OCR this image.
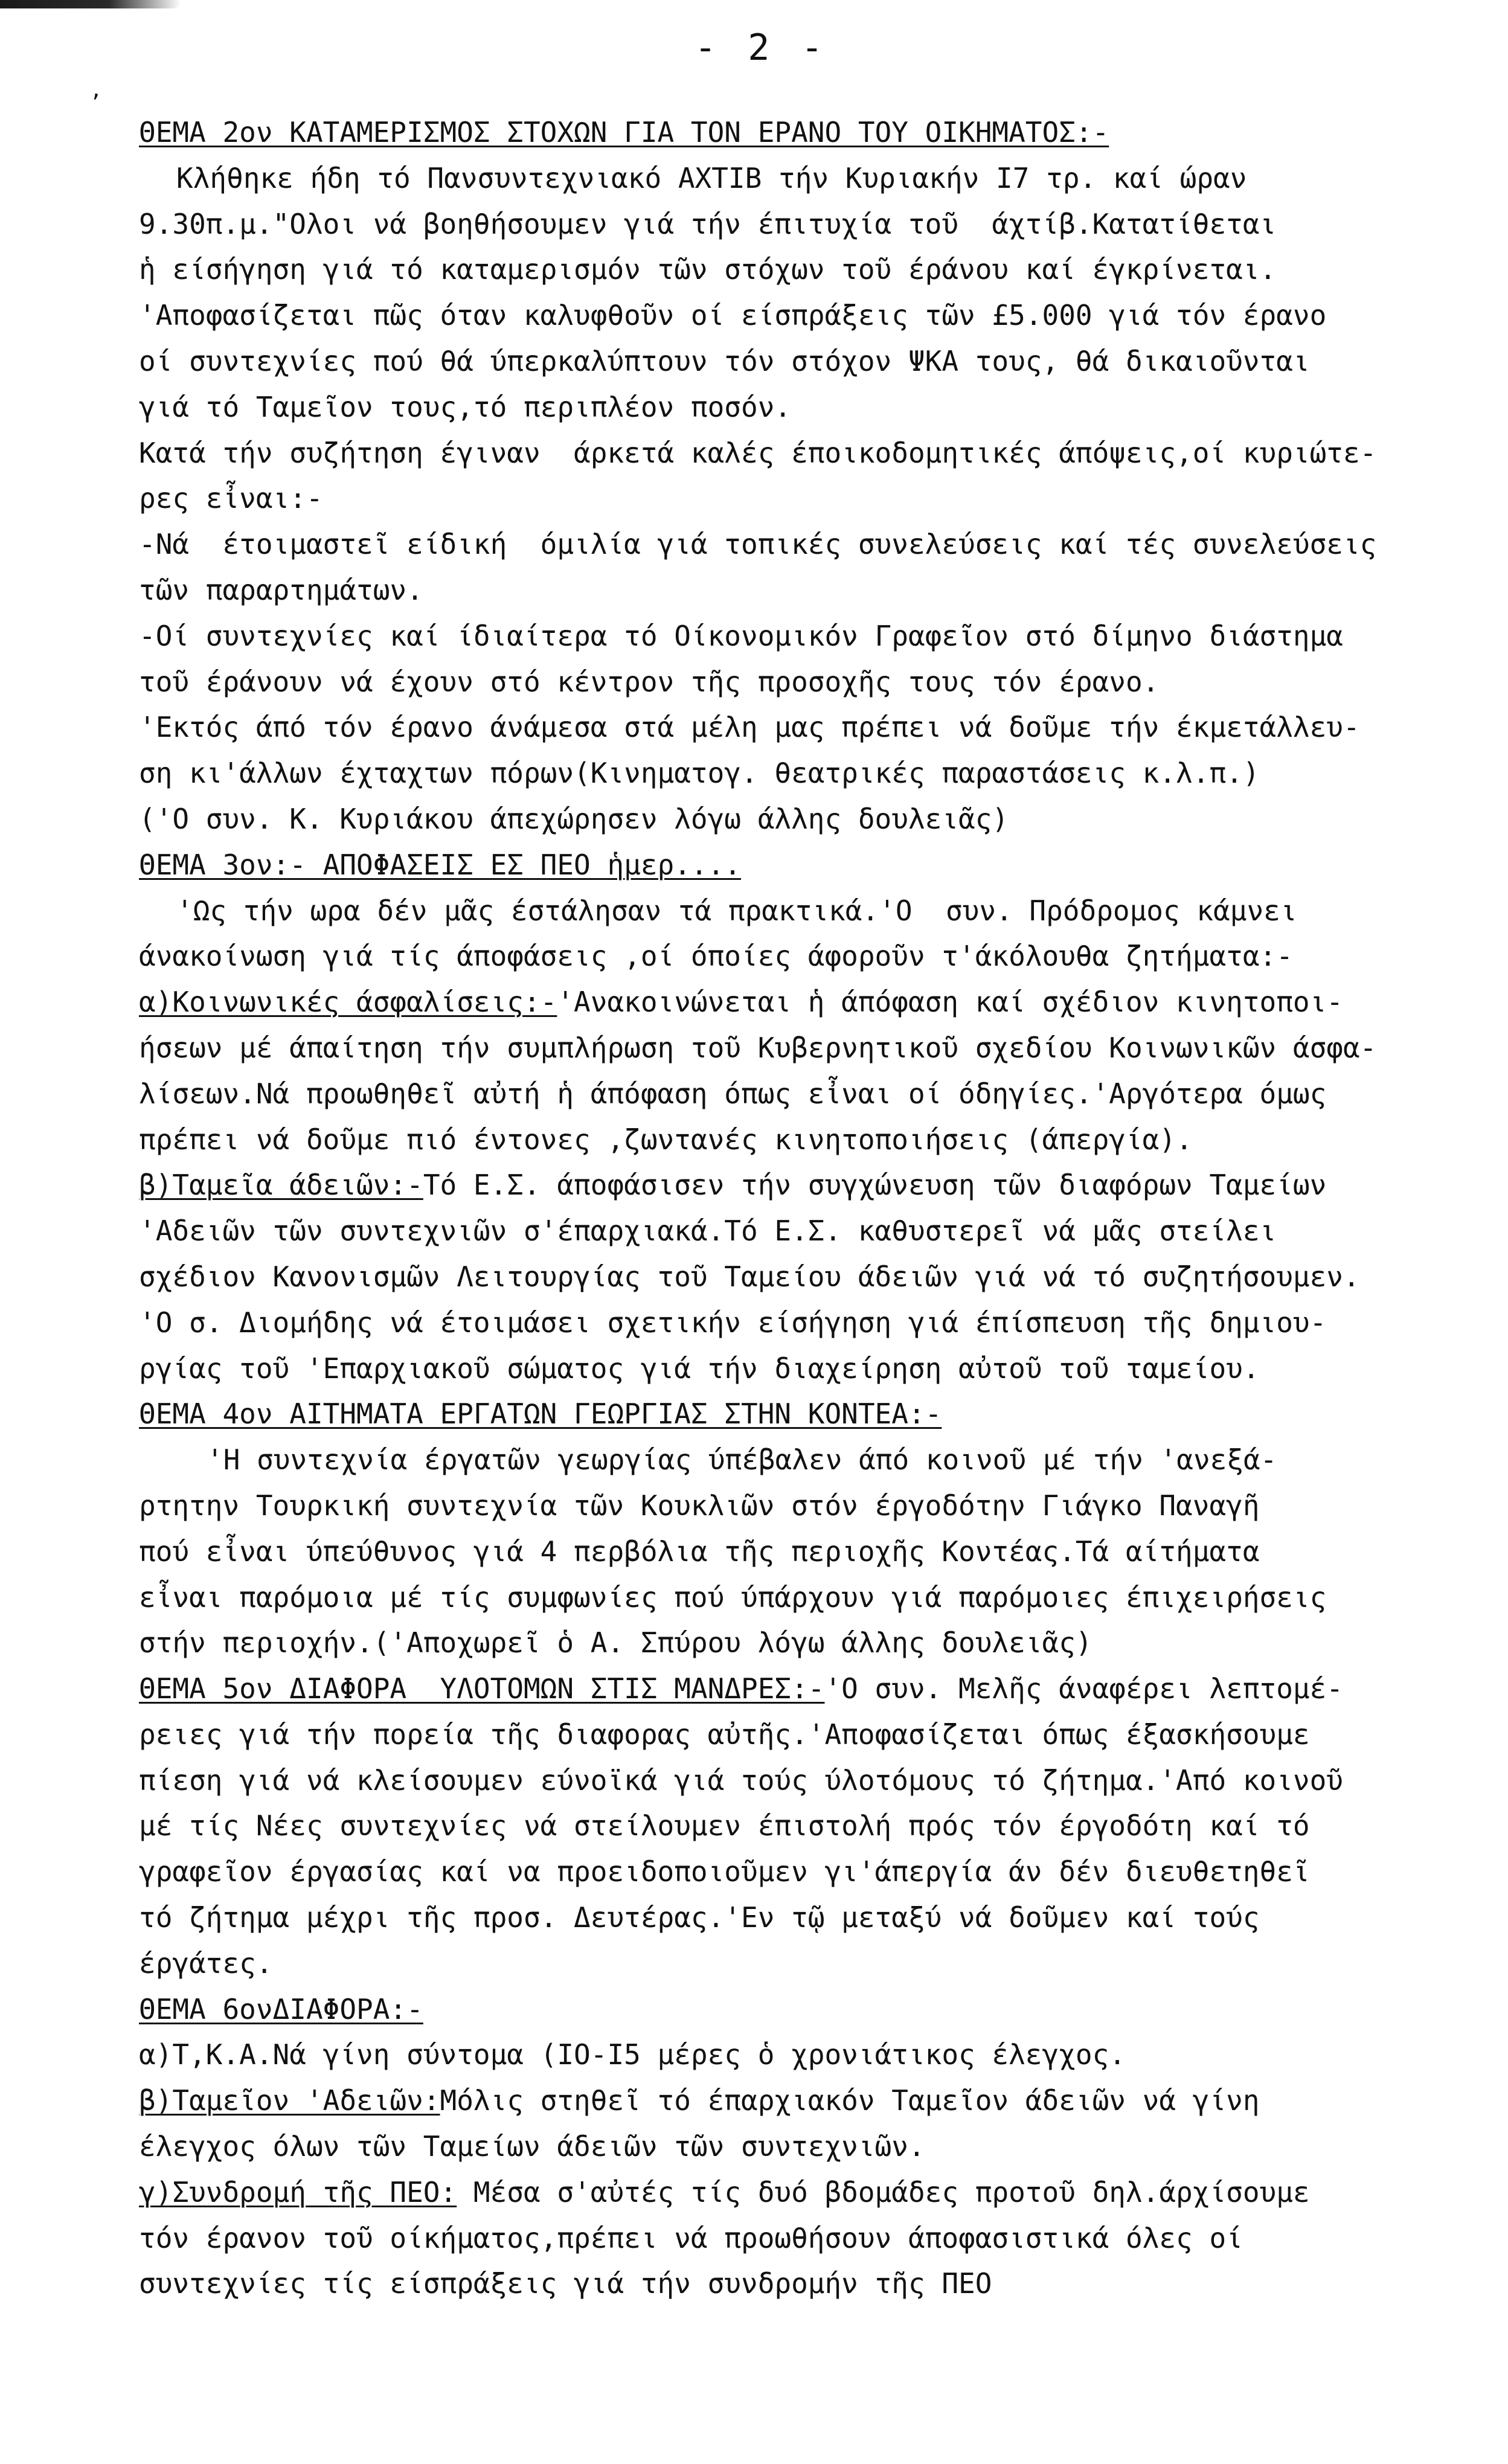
- 2 -
’
ΘΕΜΑ 2ον ΚΑΤΑΜΕΡΙΣΜΟΣ ΣΤΟΧΩΝ ΓΙΑ ΤΟΝ ΕΡΑΝΟ ΤΟΥ ΟΙΚΗΜΑΤΟΣ:-
Κλήθηκε ήδη τό Πανσυντεχνιακό ΑΧΤΙΒ τήν Κυριακήν Ι7 τρ. καί ώραν
9.30π.μ."Ολοι νά βοηθήσουμεν γιά τήν έπιτυχία τοῦ  άχτίβ.Κατατίθεται
ἡ είσήγηση γιά τό καταμερισμόν τῶν στόχων τοῦ έράνου καί έγκρίνεται.
'Αποφασίζεται πῶς όταν καλυφθοῦν οί είσπράξεις τῶν £5.000 γιά τόν έρανο
οί συντεχνίες πού θά ύπερκαλύπτουν τόν στόχον ΨΚΑ τους, θά δικαιοῦνται
γιά τό Ταμεῖον τους,τό περιπλέον ποσόν.
Κατά τήν συζήτηση έγιναν  άρκετά καλές έποικοδομητικές άπόψεις,οί κυριώτε-
ρες εἶναι:-
-Νά  έτοιμαστεῖ είδική  όμιλία γιά τοπικές συνελεύσεις καί τές συνελεύσεις
τῶν παραρτημάτων.
-Οί συντεχνίες καί ίδιαίτερα τό Οίκονομικόν Γραφεῖον στό δίμηνο διάστημα
τοῦ έράνουν νά έχουν στό κέντρον τῆς προσοχῆς τους τόν έρανο.
'Εκτός άπό τόν έρανο άνάμεσα στά μέλη μας πρέπει νά δοῦμε τήν έκμετάλλευ-
ση κι'άλλων έχταχτων πόρων(Κινηματογ. θεατρικές παραστάσεις κ.λ.π.)
('Ο συν. Κ. Κυριάκου άπεχώρησεν λόγω άλλης δουλειᾶς)
ΘΕΜΑ 3ον:- ΑΠΟΦΑΣΕΙΣ ΕΣ ΠΕΟ ἡμερ....
'Ως τήν ωρα δέν μᾶς έστάλησαν τά πρακτικά.'Ο  συν. Πρόδρομος κάμνει
άνακοίνωση γιά τίς άποφάσεις ,οί όποίες άφοροῦν τ'άκόλουθα ζητήματα:-
α)Κοινωνικές άσφαλίσεις:-'Ανακοινώνεται ἡ άπόφαση καί σχέδιον κινητοποι-
ήσεων μέ άπαίτηση τήν συμπλήρωση τοῦ Κυβερνητικοῦ σχεδίου Κοινωνικῶν άσφα-
λίσεων.Νά προωθηθεῖ αὐτή ἡ άπόφαση όπως εἶναι οί όδηγίες.'Αργότερα όμως
πρέπει νά δοῦμε πιό έντονες ,ζωντανές κινητοποιήσεις (άπεργία).
β)Ταμεῖα άδειῶν:-Τό Ε.Σ. άποφάσισεν τήν συγχώνευση τῶν διαφόρων Ταμείων
'Αδειῶν τῶν συντεχνιῶν σ'έπαρχιακά.Τό Ε.Σ. καθυστερεῖ νά μᾶς στείλει
σχέδιον Κανονισμῶν Λειτουργίας τοῦ Ταμείου άδειῶν γιά νά τό συζητήσουμεν.
'Ο σ. Διομήδης νά έτοιμάσει σχετικήν είσήγηση γιά έπίσπευση τῆς δημιου-
ργίας τοῦ 'Επαρχιακοῦ σώματος γιά τήν διαχείρηση αὐτοῦ τοῦ ταμείου.
ΘΕΜΑ 4ον ΑΙΤΗΜΑΤΑ ΕΡΓΑΤΩΝ ΓΕΩΡΓΙΑΣ ΣΤΗΝ ΚΟΝΤΕΑ:-
'Η συντεχνία έργατῶν γεωργίας ύπέβαλεν άπό κοινοῦ μέ τήν 'ανεξά-
ρτητην Τουρκική συντεχνία τῶν Κουκλιῶν στόν έργοδότην Γιάγκο Παναγῆ
πού εἶναι ύπεύθυνος γιά 4 περβόλια τῆς περιοχῆς Κοντέας.Τά αίτήματα
εἶναι παρόμοια μέ τίς συμφωνίες πού ύπάρχουν γιά παρόμοιες έπιχειρήσεις
στήν περιοχήν.('Αποχωρεῖ ὁ Α. Σπύρου λόγω άλλης δουλειᾶς)
ΘΕΜΑ 5ον ΔΙΑΦΟΡΑ  ΥΛΟΤΟΜΩΝ ΣΤΙΣ ΜΑΝΔΡΕΣ:-'Ο συν. Μελῆς άναφέρει λεπτομέ-
ρειες γιά τήν πορεία τῆς διαφορας αὐτῆς.'Αποφασίζεται όπως έξασκήσουμε
πίεση γιά νά κλείσουμεν εύνοϊκά γιά τούς ύλοτόμους τό ζήτημα.'Από κοινοῦ
μέ τίς Νέες συντεχνίες νά στείλουμεν έπιστολή πρός τόν έργοδότη καί τό
γραφεῖον έργασίας καί να προειδοποιοῦμεν γι'άπεργία άν δέν διευθετηθεῖ
τό ζήτημα μέχρι τῆς προσ. Δευτέρας.'Εν τῷ μεταξύ νά δοῦμεν καί τούς
έργάτες.
ΘΕΜΑ 6ονΔΙΑΦΟΡΑ:-
α)Τ,Κ.Α.Νά γίνη σύντομα (ΙΟ-Ι5 μέρες ὁ χρονιάτικος έλεγχος.
β)Ταμεῖον 'Αδειῶν:Μόλις στηθεῖ τό έπαρχιακόν Ταμεῖον άδειῶν νά γίνη
έλεγχος όλων τῶν Ταμείων άδειῶν τῶν συντεχνιῶν.
γ)Συνδρομή τῆς ΠΕΟ: Μέσα σ'αὐτές τίς δυό βδομάδες προτοῦ δηλ.άρχίσουμε
τόν έρανον τοῦ οίκήματος,πρέπει νά προωθήσουν άποφασιστικά όλες οί
συντεχνίες τίς είσπράξεις γιά τήν συνδρομήν τῆς ΠΕΟ
